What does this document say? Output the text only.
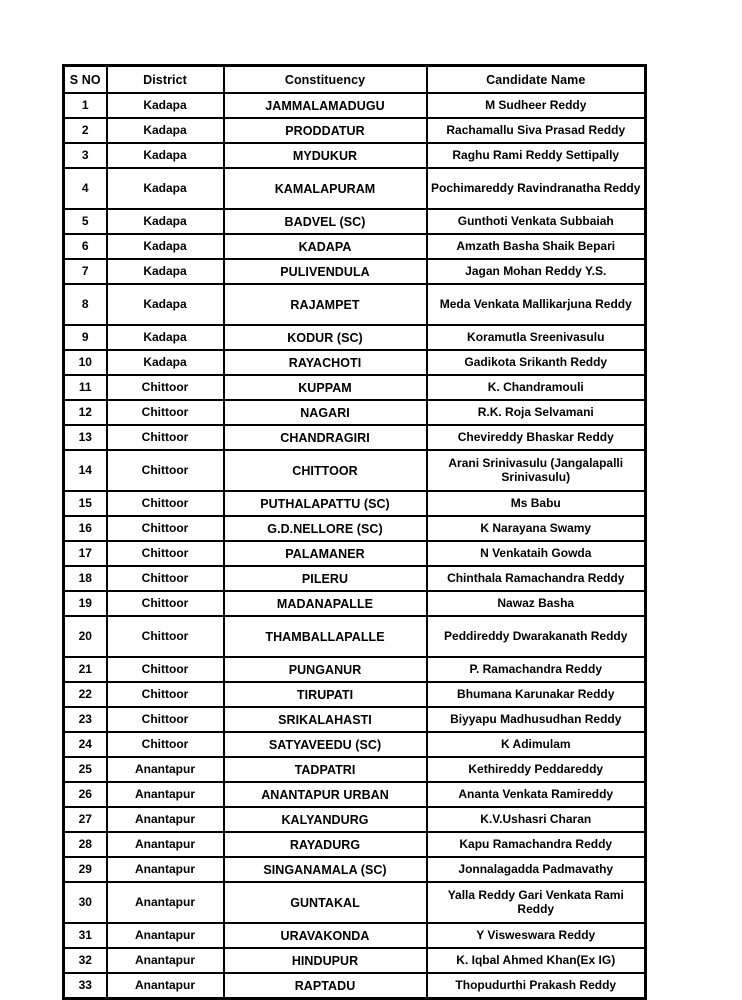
S NO	District	Constituency	Candidate Name
1	Kadapa	JAMMALAMADUGU	M Sudheer Reddy
2	Kadapa	PRODDATUR	Rachamallu Siva Prasad Reddy
3	Kadapa	MYDUKUR	Raghu Rami Reddy Settipally
4	Kadapa	KAMALAPURAM	Pochimareddy Ravindranatha Reddy
5	Kadapa	BADVEL (SC)	Gunthoti Venkata Subbaiah
6	Kadapa	KADAPA	Amzath Basha Shaik Bepari
7	Kadapa	PULIVENDULA	Jagan Mohan Reddy Y.S.
8	Kadapa	RAJAMPET	Meda Venkata Mallikarjuna Reddy
9	Kadapa	KODUR (SC)	Koramutla Sreenivasulu
10	Kadapa	RAYACHOTI	Gadikota Srikanth Reddy
11	Chittoor	KUPPAM	K. Chandramouli
12	Chittoor	NAGARI	R.K. Roja Selvamani
13	Chittoor	CHANDRAGIRI	Chevireddy Bhaskar Reddy
14	Chittoor	CHITTOOR	Arani Srinivasulu (Jangalapalli Srinivasulu)
15	Chittoor	PUTHALAPATTU (SC)	Ms Babu
16	Chittoor	G.D.NELLORE (SC)	K Narayana Swamy
17	Chittoor	PALAMANER	N Venkataih Gowda
18	Chittoor	PILERU	Chinthala Ramachandra Reddy
19	Chittoor	MADANAPALLE	Nawaz Basha
20	Chittoor	THAMBALLAPALLE	Peddireddy Dwarakanath Reddy
21	Chittoor	PUNGANUR	P. Ramachandra Reddy
22	Chittoor	TIRUPATI	Bhumana Karunakar Reddy
23	Chittoor	SRIKALAHASTI	Biyyapu Madhusudhan Reddy
24	Chittoor	SATYAVEEDU (SC)	K Adimulam
25	Anantapur	TADPATRI	Kethireddy Peddareddy
26	Anantapur	ANANTAPUR URBAN	Ananta Venkata Ramireddy
27	Anantapur	KALYANDURG	K.V.Ushasri Charan
28	Anantapur	RAYADURG	Kapu Ramachandra Reddy
29	Anantapur	SINGANAMALA (SC)	Jonnalagadda Padmavathy
30	Anantapur	GUNTAKAL	Yalla Reddy Gari Venkata Rami Reddy
31	Anantapur	URAVAKONDA	Y Visweswara Reddy
32	Anantapur	HINDUPUR	K. Iqbal Ahmed Khan(Ex IG)
33	Anantapur	RAPTADU	Thopudurthi Prakash Reddy
